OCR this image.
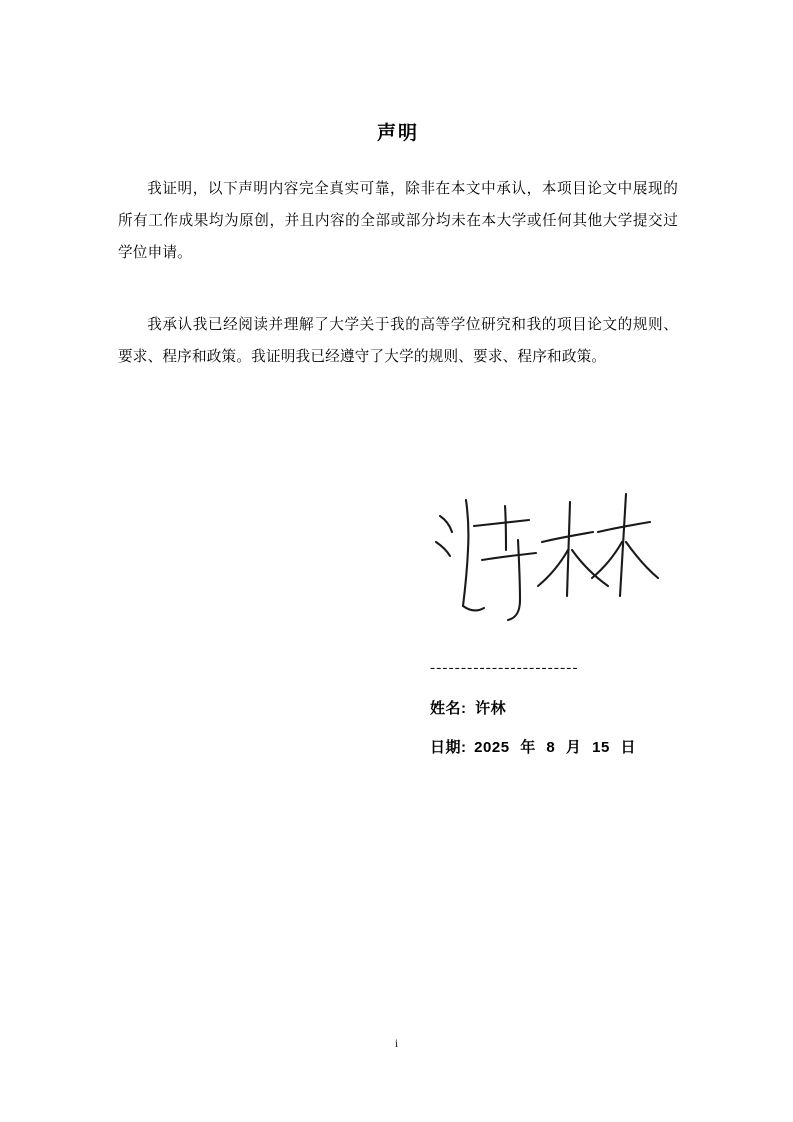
声明
我证明，以下声明内容完全真实可靠，除非在本文中承认，本项目论文中展现的所有工作成果均为原创，并且内容的全部或部分均未在本大学或任何其他大学提交过学位申请。
我承认我已经阅读并理解了大学关于我的高等学位研究和我的项目论文的规则、要求、程序和政策。我证明我已经遵守了大学的规则、要求、程序和政策。
------------------------
姓名: 许林
日期: 2025 年 8 月 15 日
i
